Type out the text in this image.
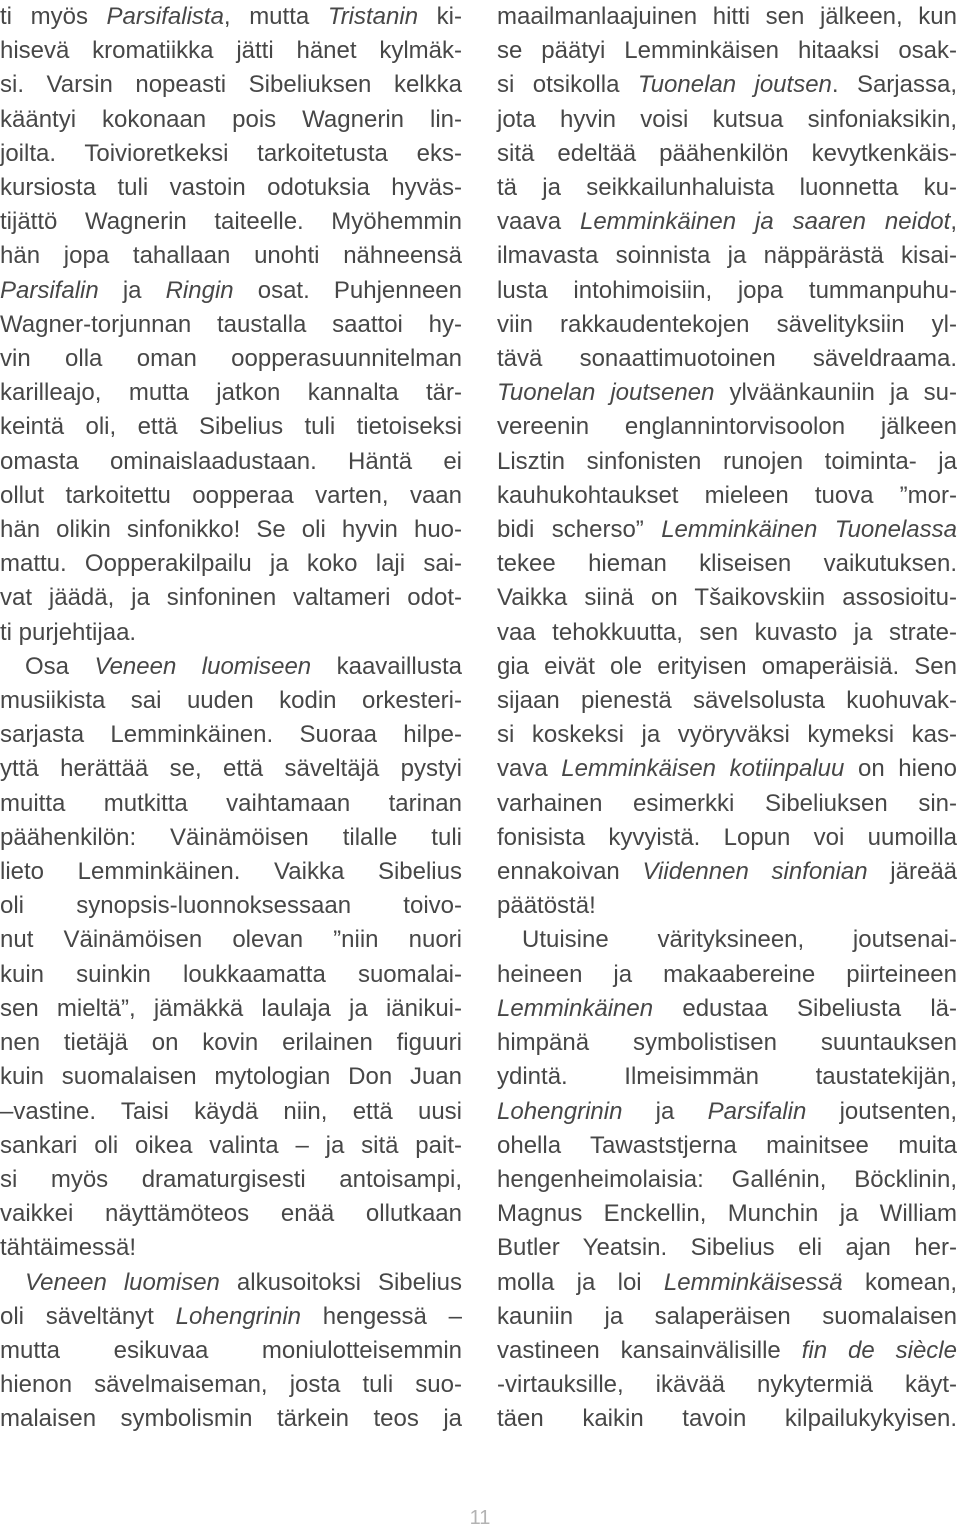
ti myös Parsifalista, mutta Tristanin ki-
hisevä kromatiikka jätti hänet kylmäk-
si. Varsin nopeasti Sibeliuksen kelkka
kääntyi kokonaan pois Wagnerin lin-
joilta. Toivioretkeksi tarkoitetusta eks-
kursiosta tuli vastoin odotuksia hyväs-
tijättö Wagnerin taiteelle. Myöhemmin
hän jopa tahallaan unohti nähneensä
Parsifalin ja Ringin osat. Puhjenneen
Wagner-torjunnan taustalla saattoi hy-
vin olla oman oopperasuunnitelman
karilleajo, mutta jatkon kannalta tär-
keintä oli, että Sibelius tuli tietoiseksi
omasta ominaislaadustaan. Häntä ei
ollut tarkoitettu oopperaa varten, vaan
hän olikin sinfonikko! Se oli hyvin huo-
mattu. Oopperakilpailu ja koko laji sai-
vat jäädä, ja sinfoninen valtameri odot-
ti purjehtijaa.
Osa Veneen luomiseen kaavaillusta
musiikista sai uuden kodin orkesteri-
sarjasta Lemminkäinen. Suoraa hilpe-
yttä herättää se, että säveltäjä pystyi
muitta mutkitta vaihtamaan tarinan
päähenkilön: Väinämöisen tilalle tuli
lieto Lemminkäinen. Vaikka Sibelius
oli synopsis-luonnoksessaan toivo-
nut Väinämöisen olevan ”niin nuori
kuin suinkin loukkaamatta suomalai-
sen mieltä”, jämäkkä laulaja ja iänikui-
nen tietäjä on kovin erilainen figuuri
kuin suomalaisen mytologian Don Juan
–vastine. Taisi käydä niin, että uusi
sankari oli oikea valinta – ja sitä pait-
si myös dramaturgisesti antoisampi,
vaikkei näyttämöteos enää ollutkaan
tähtäimessä!
Veneen luomisen alkusoitoksi Sibelius
oli säveltänyt Lohengrinin hengessä –
mutta esikuvaa moniulotteisemmin
hienon sävelmaiseman, josta tuli suo-
malaisen symbolismin tärkein teos ja
maailmanlaajuinen hitti sen jälkeen, kun
se päätyi Lemminkäisen hitaaksi osak-
si otsikolla Tuonelan joutsen. Sarjassa,
jota hyvin voisi kutsua sinfoniaksikin,
sitä edeltää päähenkilön kevytkenkäis-
tä ja seikkailunhaluista luonnetta ku-
vaava Lemminkäinen ja saaren neidot,
ilmavasta soinnista ja näppärästä kisai-
lusta intohimoisiin, jopa tummanpuhu-
viin rakkaudentekojen sävelityksiin yl-
tävä sonaattimuotoinen säveldraama.
Tuonelan joutsenen ylväänkauniin ja su-
vereenin englannintorvisoolon jälkeen
Lisztin sinfonisten runojen toiminta- ja
kauhukohtaukset mieleen tuova ”mor-
bidi scherso” Lemminkäinen Tuonelassa
tekee hieman kliseisen vaikutuksen.
Vaikka siinä on Tšaikovskiin assosioitu-
vaa tehokkuutta, sen kuvasto ja strate-
gia eivät ole erityisen omaperäisiä. Sen
sijaan pienestä sävelsolusta kuohuvak-
si koskeksi ja vyöryväksi kymeksi kas-
vava Lemminkäisen kotiinpaluu on hieno
varhainen esimerkki Sibeliuksen sin-
fonisista kyvyistä. Lopun voi uumoilla
ennakoivan Viidennen sinfonian järeää
päätöstä!
Utuisine värityksineen, joutsenai-
heineen ja makaabereine piirteineen
Lemminkäinen edustaa Sibeliusta lä-
himpänä symbolistisen suuntauksen
ydintä. Ilmeisimmän taustatekijän,
Lohengrinin ja Parsifalin joutsenten,
ohella Tawaststjerna mainitsee muita
hengenheimolaisia: Gallénin, Böcklinin,
Magnus Enckellin, Munchin ja William
Butler Yeatsin. Sibelius eli ajan her-
molla ja loi Lemminkäisessä komean,
kauniin ja salaperäisen suomalaisen
vastineen kansainvälisille fin de siècle
-virtauksille, ikävää nykytermiä käyt-
täen kaikin tavoin kilpailukykyisen.
11
